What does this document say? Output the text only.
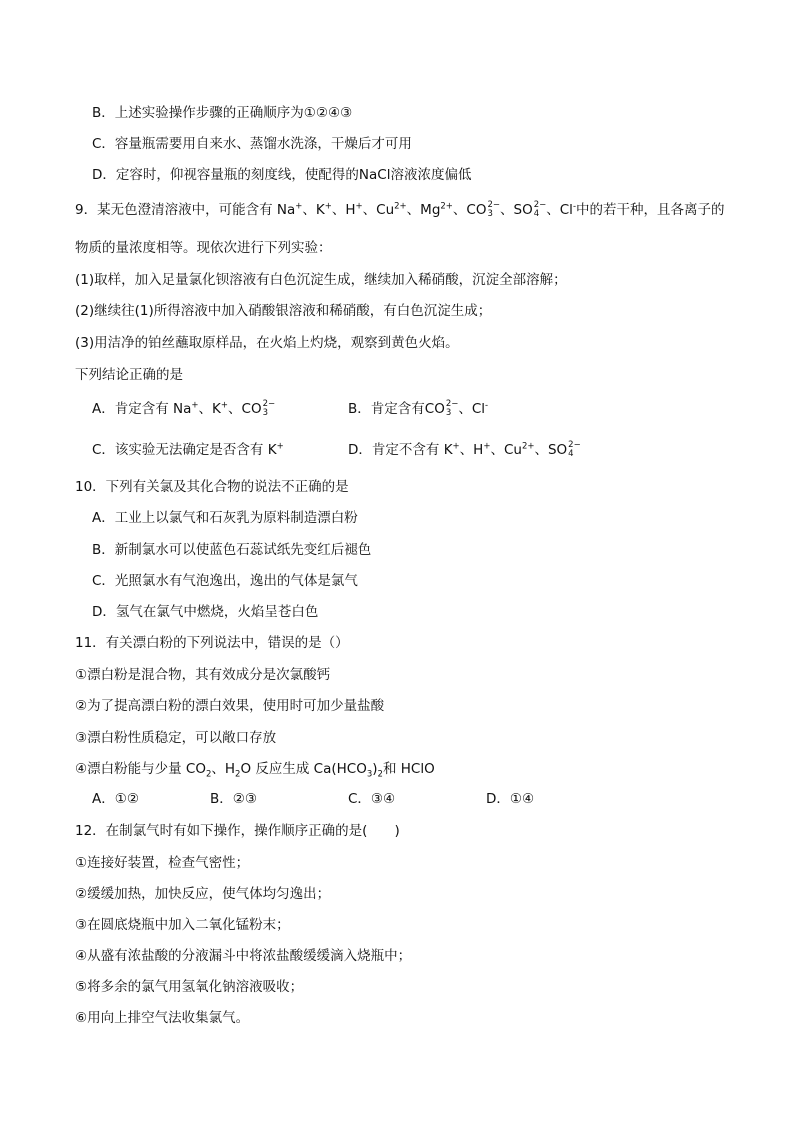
B．上述实验操作步骤的正确顺序为①②④③
C．容量瓶需要用自来水、蒸馏水洗涤，干燥后才可用
D．定容时，仰视容量瓶的刻度线，使配得的NaCl溶液浓度偏低
9．某无色澄清溶液中，可能含有 Na+、K+、H+、$Cu^{2+}$、$Mg^{2+}$、CO 2−
3 、SO 2−
4 、Cl-中的若干种，且各离子的
物质的量浓度相等。现依次进行下列实验：
(1)取样，加入足量氯化钡溶液有白色沉淀生成，继续加入稀硝酸，沉淀全部溶解；
(2)继续往(1)所得溶液中加入硝酸银溶液和稀硝酸，有白色沉淀生成；
(3)用洁净的铂丝蘸取原样品，在火焰上灼烧，观察到黄色火焰。
下列结论正确的是
A．肯定含有 Na+、K+、CO 2−
3	B．肯定含有CO 2−
3 、Cl-
C．该实验无法确定是否含有 K+	D．肯定不含有 K+、H+、$Cu^{2+}$、SO 2−
4
10．下列有关氯及其化合物的说法不正确的是
A．工业上以氯气和石灰乳为原料制造漂白粉
B．新制氯水可以使蓝色石蕊试纸先变红后褪色
C．光照氯水有气泡逸出，逸出的气体是氯气
D．氢气在氯气中燃烧，火焰呈苍白色
11．有关漂白粉的下列说法中，错误的是（）
①漂白粉是混合物，其有效成分是次氯酸钙
②为了提高漂白粉的漂白效果，使用时可加少量盐酸
③漂白粉性质稳定，可以敞口存放
④漂白粉能与少量 $CO_2$、$H_2O$ 反应生成 $Ca(HCO_3)_2$和 HClO
A．①②	B．②③	C．③④	D．①④
12．在制氯气时有如下操作，操作顺序正确的是(　　)
①连接好装置，检查气密性；
②缓缓加热，加快反应，使气体均匀逸出；
③在圆底烧瓶中加入二氧化锰粉末；
④从盛有浓盐酸的分液漏斗中将浓盐酸缓缓滴入烧瓶中；
⑤将多余的氯气用氢氧化钠溶液吸收；
⑥用向上排空气法收集氯气。
